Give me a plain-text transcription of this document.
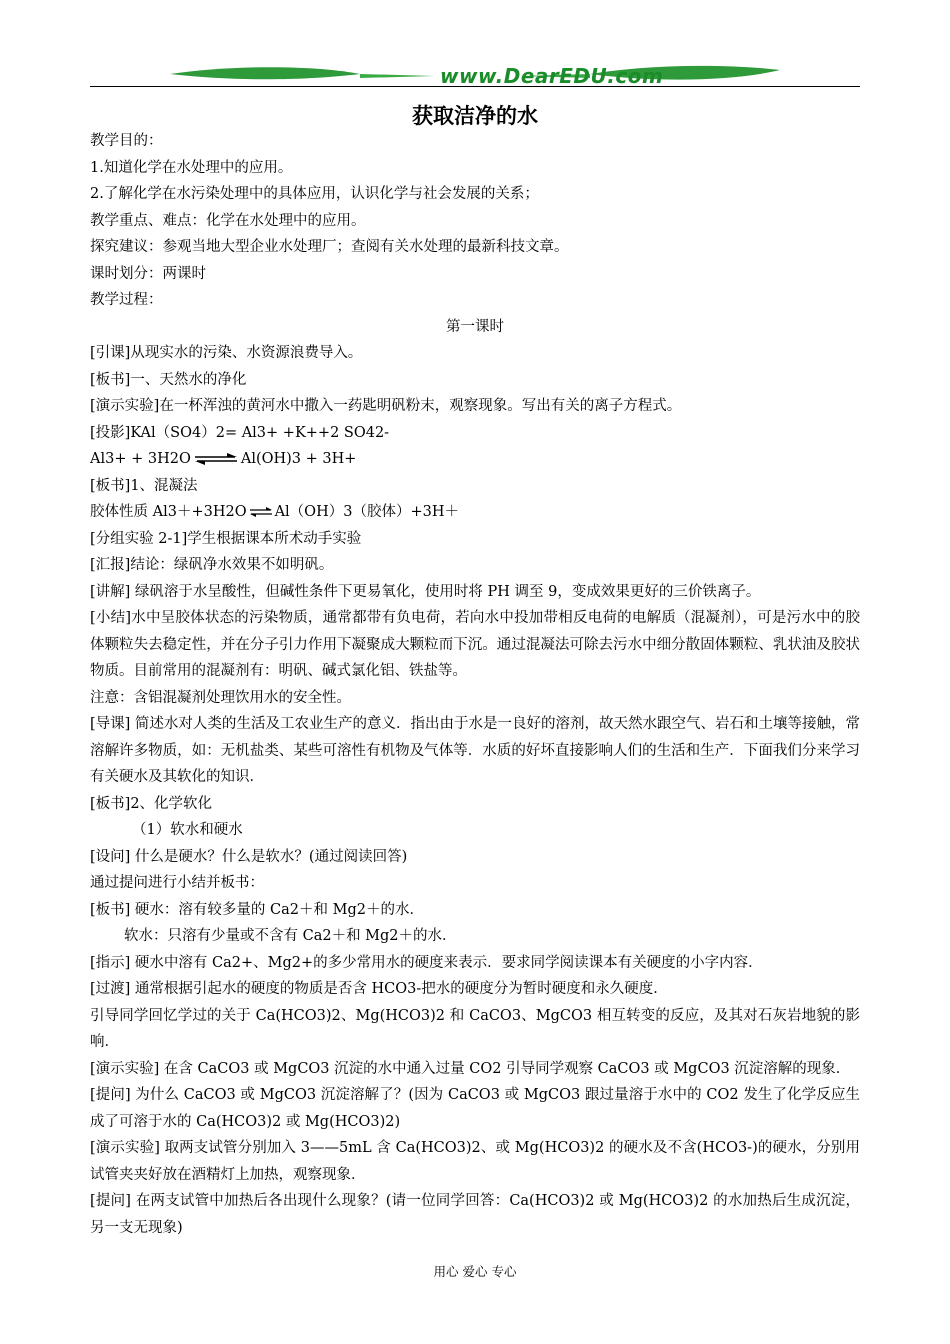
www.DearEDU.com
获取洁净的水

教学目的：

1.知道化学在水处理中的应用。

2.了解化学在水污染处理中的具体应用，认识化学与社会发展的关系；

教学重点、难点：化学在水处理中的应用。

探究建议：参观当地大型企业水处理厂；查阅有关水处理的最新科技文章。

课时划分：两课时

教学过程：

第一课时

[引课]从现实水的污染、水资源浪费导入。

[板书]一、天然水的净化

[演示实验]在一杯浑浊的黄河水中撒入一药匙明矾粉末，观察现象。写出有关的离子方程式。

[投影]KAl（SO4）2= Al3+ +K++2 SO42-

Al3+ + 3H2O ⇌ Al(OH)3 + 3H+

[板书]1、混凝法

胶体性质 Al3＋+3H2O ⇌ Al（OH）3（胶体）+3H＋

[分组实验 2-1]学生根据课本所术动手实验

[汇报]结论：绿矾净水效果不如明矾。

[讲解] 绿矾溶于水呈酸性，但碱性条件下更易氧化，使用时将 PH 调至 9，变成效果更好的三价铁离子。

[小结]水中呈胶体状态的污染物质，通常都带有负电荷，若向水中投加带相反电荷的电解质（混凝剂），可是污水中的胶体颗粒失去稳定性，并在分子引力作用下凝聚成大颗粒而下沉。通过混凝法可除去污水中细分散固体颗粒、乳状油及胶状物质。目前常用的混凝剂有：明矾、碱式氯化铝、铁盐等。

注意：含铝混凝剂处理饮用水的安全性。

[导课] 简述水对人类的生活及工农业生产的意义．指出由于水是一良好的溶剂，故天然水跟空气、岩石和土壤等接触，常溶解许多物质，如：无机盐类、某些可溶性有机物及气体等．水质的好坏直接影响人们的生活和生产．下面我们分来学习有关硬水及其软化的知识．

[板书]2、化学软化

（1）软水和硬水

[设问] 什么是硬水？什么是软水？(通过阅读回答)

通过提问进行小结并板书：

[板书] 硬水：溶有较多量的 Ca2＋和 Mg2＋的水．

软水：只溶有少量或不含有 Ca2＋和 Mg2＋的水．

[指示] 硬水中溶有 Ca2+、Mg2+的多少常用水的硬度来表示．要求同学阅读课本有关硬度的小字内容．

[过渡] 通常根据引起水的硬度的物质是否含 HCO3-把水的硬度分为暂时硬度和永久硬度．

引导同学回忆学过的关于 Ca(HCO3)2、Mg(HCO3)2 和 CaCO3、MgCO3 相互转变的反应，及其对石灰岩地貌的影响．

[演示实验] 在含 CaCO3 或 MgCO3 沉淀的水中通入过量 CO2 引导同学观察 CaCO3 或 MgCO3 沉淀溶解的现象．

[提问] 为什么 CaCO3 或 MgCO3 沉淀溶解了？(因为 CaCO3 或 MgCO3 跟过量溶于水中的 CO2 发生了化学反应生成了可溶于水的 Ca(HCO3)2 或 Mg(HCO3)2)

[演示实验] 取两支试管分别加入 3——5mL 含 Ca(HCO3)2、或 Mg(HCO3)2 的硬水及不含(HCO3-)的硬水，分别用试管夹夹好放在酒精灯上加热，观察现象．

[提问] 在两支试管中加热后各出现什么现象？(请一位同学回答：Ca(HCO3)2 或 Mg(HCO3)2 的水加热后生成沉淀，另一支无现象)

用心 爱心 专心
